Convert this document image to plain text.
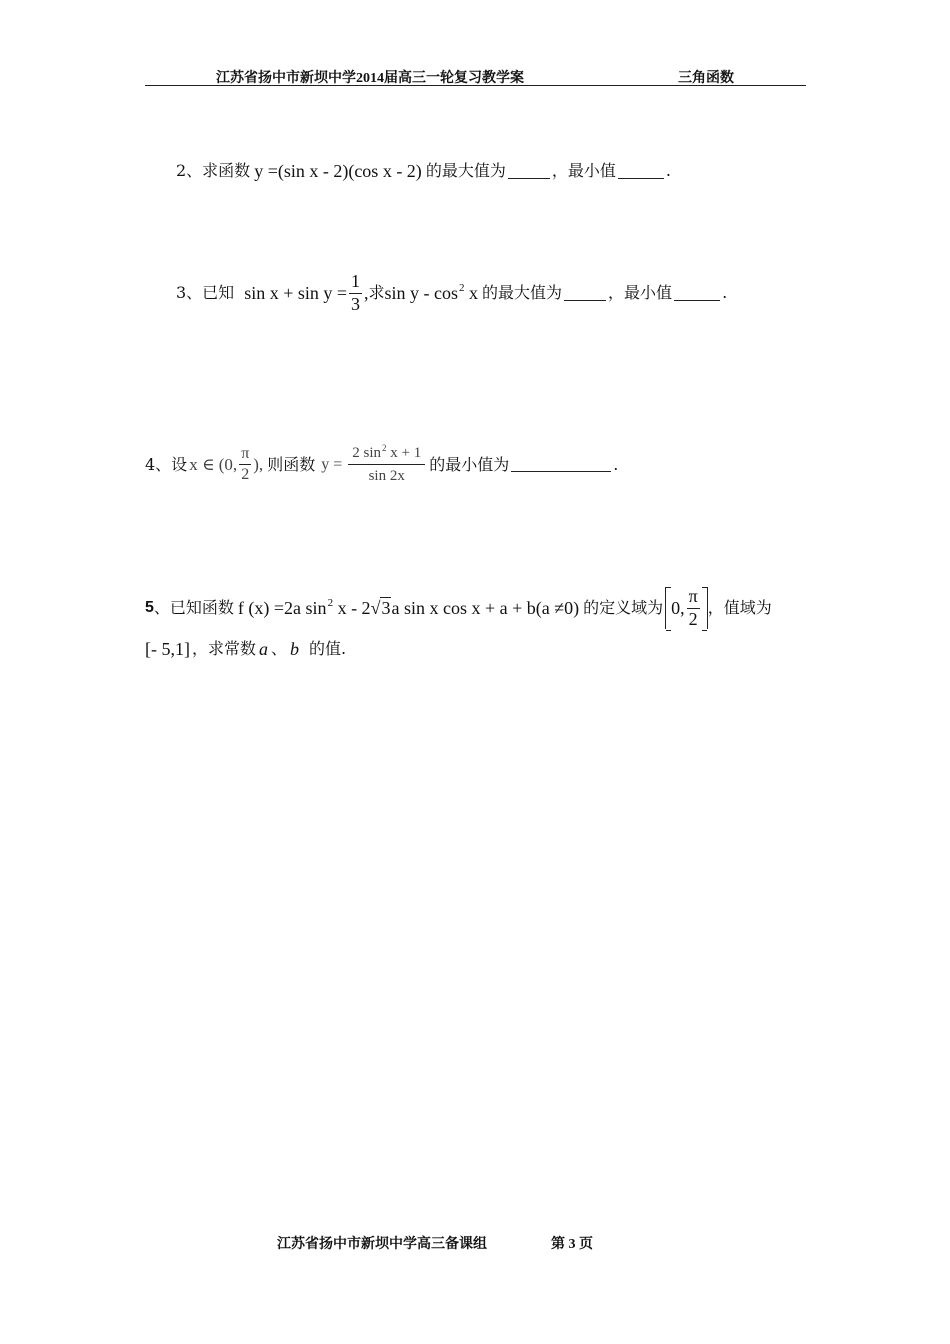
江苏省扬中市新坝中学2014届高三一轮复习教学案	三角函数
2、求函数 y =(sin x - 2)(cos x - 2) 的最大值为	，最小值	.
3、已知 $\sin x + \sin y = \frac{1}{3}$ , 求 sin y - $\cos^2 x$ 的最大值为	，最小值	.
4、设 x ∈ (0, $\frac{\pi}{2}$ ), 则函数 $y = \frac{2 \sin^2 x + 1}{\sin 2x}$ 的最小值为	.
5 、已知函数 f (x) =2a $\sin^2 x - 2√3a$ sin x cos x + a + b(a ≠0) 的定义域为 0, $\frac{\pi}{2}$ ，值域为
[- 5,1] ，求常数 a 、 b 的值.
江苏省扬中市新坝中学高三备课组	第 3 页
